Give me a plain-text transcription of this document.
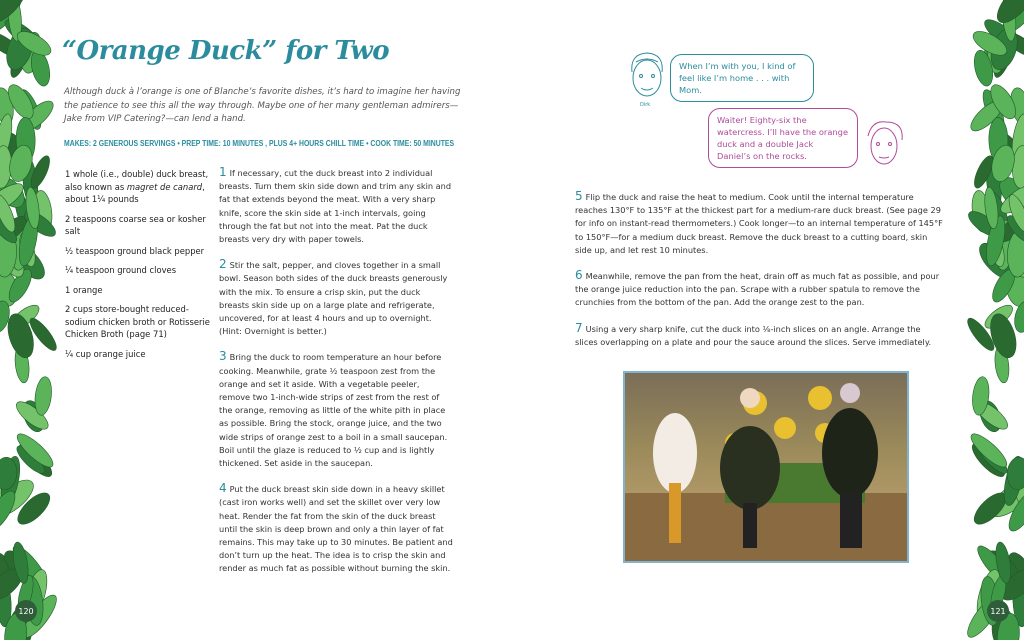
“Orange Duck” for Two

Although duck à l’orange is one of Blanche’s favorite dishes, it’s hard to imagine her having the patience to see this all the way through. Maybe one of her many gentleman admirers—Jake from VIP Catering?—can lend a hand.

MAKES: 2 GENEROUS SERVINGS • PREP TIME: 10 MINUTES , PLUS 4+ HOURS CHILL TIME • COOK TIME: 50 MINUTES
1 whole (i.e., double) duck breast, also known as magret de canard, about 1¼ pounds
2 teaspoons coarse sea or kosher salt
½ teaspoon ground black pepper
¼ teaspoon ground cloves
1 orange
2 cups store-bought reduced-sodium chicken broth or Rotisserie Chicken Broth (page 71)
¼ cup orange juice

1 If necessary, cut the duck breast into 2 individual breasts. Turn them skin side down and trim any skin and fat that extends beyond the meat. With a very sharp knife, score the skin side at 1-inch intervals, going through the fat but not into the meat. Pat the duck breasts very dry with paper towels.

2 Stir the salt, pepper, and cloves together in a small bowl. Season both sides of the duck breasts generously with the mix. To ensure a crisp skin, put the duck breasts skin side up on a large plate and refrigerate, uncovered, for at least 4 hours and up to overnight. (Hint: Overnight is better.)

3 Bring the duck to room temperature an hour before cooking. Meanwhile, grate ½ teaspoon zest from the orange and set it aside. With a vegetable peeler, remove two 1-inch-wide strips of zest from the rest of the orange, removing as little of the white pith in place as possible. Bring the stock, orange juice, and the two wide strips of orange zest to a boil in a small saucepan. Boil until the glaze is reduced to ½ cup and is lightly thickened. Set aside in the saucepan.

4 Put the duck breast skin side down in a heavy skillet (cast iron works well) and set the skillet over very low heat. Render the fat from the skin of the duck breast until the skin is deep brown and only a thin layer of fat remains. This may take up to 30 minutes. Be patient and don’t turn up the heat. The idea is to crisp the skin and render as much fat as possible without burning the skin.

5 Flip the duck and raise the heat to medium. Cook until the internal temperature reaches 130°F to 135°F at the thickest part for a medium-rare duck breast. (See page 29 for info on instant-read thermometers.) Cook longer—to an internal temperature of 145°F to 150°F—for a medium duck breast. Remove the duck breast to a cutting board, skin side up, and let rest 10 minutes.

6 Meanwhile, remove the pan from the heat, drain off as much fat as possible, and pour the orange juice reduction into the pan. Scrape with a rubber spatula to remove the crunchies from the bottom of the pan. Add the orange zest to the pan.

7 Using a very sharp knife, cut the duck into ⅛-inch slices on an angle. Arrange the slices overlapping on a plate and pour the sauce around the slices. Serve immediately.

Dirk
When I’m with you, I kind of feel like I’m home . . . with Mom.
Waiter! Eighty-six the watercress. I’ll have the orange duck and a double Jack Daniel’s on the rocks.
120	121
